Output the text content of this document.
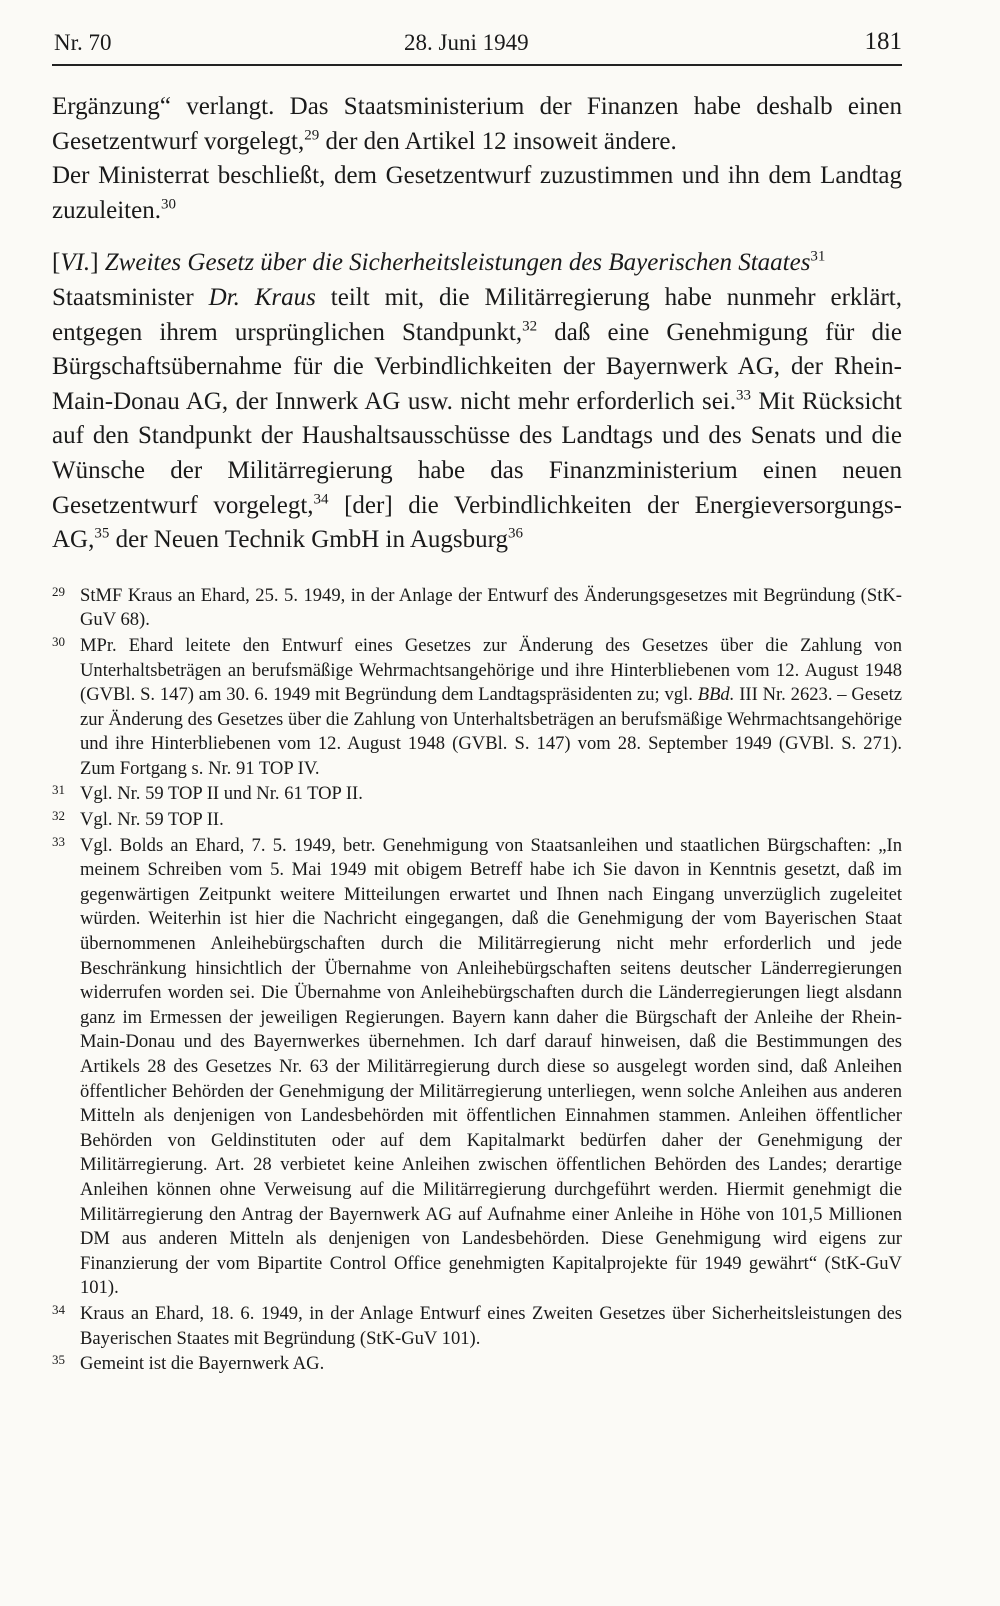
Nr. 70	28. Juni 1949	181

Ergänzung“ verlangt. Das Staatsministerium der Finanzen habe deshalb einen Gesetzentwurf vorgelegt,$^{29}$ der den Artikel 12 insoweit ändere.

Der Ministerrat beschließt, dem Gesetzentwurf zuzustimmen und ihn dem Landtag zuzuleiten.$^{30}$

[VI.] Zweites Gesetz über die Sicherheitsleistungen des Bayerischen Staates$^{31}$

Staatsminister Dr. Kraus teilt mit, die Militärregierung habe nunmehr erklärt, entgegen ihrem ursprünglichen Standpunkt,$^{32}$ daß eine Genehmigung für die Bürgschaftsübernahme für die Verbindlichkeiten der Bayernwerk AG, der Rhein-Main-Donau AG, der Innwerk AG usw. nicht mehr erforderlich sei.$^{33}$ Mit Rücksicht auf den Standpunkt der Haushaltsausschüsse des Landtags und des Senats und die Wünsche der Militärregierung habe das Finanzministerium einen neuen Gesetzentwurf vorgelegt,$^{34}$ [der] die Verbindlichkeiten der Energieversorgungs-AG,$^{35}$ der Neuen Technik GmbH in Augsburg$^{36}$

29 StMF Kraus an Ehard, 25. 5. 1949, in der Anlage der Entwurf des Änderungsgesetzes mit Begründung (StK-GuV 68).

30 MPr. Ehard leitete den Entwurf eines Gesetzes zur Änderung des Gesetzes über die Zahlung von Unterhaltsbeträgen an berufsmäßige Wehrmachtsangehörige und ihre Hinterbliebenen vom 12. August 1948 (GVBl. S. 147) am 30. 6. 1949 mit Begründung dem Landtagspräsidenten zu; vgl. BBd. III Nr. 2623. – Gesetz zur Änderung des Gesetzes über die Zahlung von Unterhaltsbeträgen an berufsmäßige Wehrmachtsangehörige und ihre Hinterbliebenen vom 12. August 1948 (GVBl. S. 147) vom 28. September 1949 (GVBl. S. 271). Zum Fortgang s. Nr. 91 TOP IV.

31 Vgl. Nr. 59 TOP II und Nr. 61 TOP II.

32 Vgl. Nr. 59 TOP II.

33 Vgl. Bolds an Ehard, 7. 5. 1949, betr. Genehmigung von Staatsanleihen und staatlichen Bürgschaften: „In meinem Schreiben vom 5. Mai 1949 mit obigem Betreff habe ich Sie davon in Kenntnis gesetzt, daß im gegenwärtigen Zeitpunkt weitere Mitteilungen erwartet und Ihnen nach Eingang unverzüglich zugeleitet würden. Weiterhin ist hier die Nachricht eingegangen, daß die Genehmigung der vom Bayerischen Staat übernommenen Anleihebürgschaften durch die Militärregierung nicht mehr erforderlich und jede Beschränkung hinsichtlich der Übernahme von Anleihebürgschaften seitens deutscher Länderregierungen widerrufen worden sei. Die Übernahme von Anleihebürgschaften durch die Länderregierungen liegt alsdann ganz im Ermessen der jeweiligen Regierungen. Bayern kann daher die Bürgschaft der Anleihe der Rhein-Main-Donau und des Bayernwerkes übernehmen. Ich darf darauf hinweisen, daß die Bestimmungen des Artikels 28 des Gesetzes Nr. 63 der Militärregierung durch diese so ausgelegt worden sind, daß Anleihen öffentlicher Behörden der Genehmigung der Militärregierung unterliegen, wenn solche Anleihen aus anderen Mitteln als denjenigen von Landesbehörden mit öffentlichen Einnahmen stammen. Anleihen öffentlicher Behörden von Geldinstituten oder auf dem Kapitalmarkt bedürfen daher der Genehmigung der Militärregierung. Art. 28 verbietet keine Anleihen zwischen öffentlichen Behörden des Landes; derartige Anleihen können ohne Verweisung auf die Militärregierung durchgeführt werden. Hiermit genehmigt die Militärregierung den Antrag der Bayernwerk AG auf Aufnahme einer Anleihe in Höhe von 101,5 Millionen DM aus anderen Mitteln als denjenigen von Landesbehörden. Diese Genehmigung wird eigens zur Finanzierung der vom Bipartite Control Office genehmigten Kapitalprojekte für 1949 gewährt“ (StK-GuV 101).

34 Kraus an Ehard, 18. 6. 1949, in der Anlage Entwurf eines Zweiten Gesetzes über Sicherheitsleistungen des Bayerischen Staates mit Begründung (StK-GuV 101).

35 Gemeint ist die Bayernwerk AG.
